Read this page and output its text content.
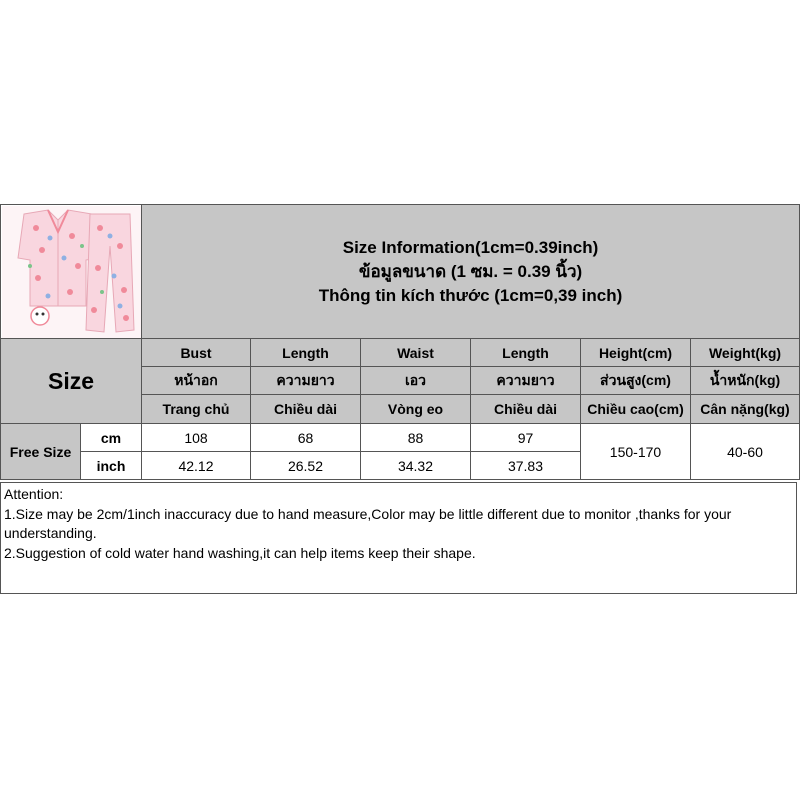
Size Information(1cm=0.39inch)
ข้อมูลขนาด (1 ซม. = 0.39 นิ้ว)
Thông tin kích thước (1cm=0,39 inch)					

Size		Bust	Length	Waist	Length	Height(cm)	Weight(kg)
		หน้าอก	ความยาว	เอว	ความยาว	ส่วนสูง(cm)	น้ำหนัก(kg)
		Trang chủ	Chiều dài	Vòng eo	Chiều dài	Chiều cao(cm)	Cân nặng(kg)
Free Size	cm	108	68	88	97	150-170	40-60
	inch	42.12	26.52	34.32	37.83		
Attention:
1.Size may be 2cm/1inch inaccuracy due to hand measure,Color may be little different due to monitor ,thanks for your understanding.
2.Suggestion of cold water hand washing,it can help items keep their shape.
